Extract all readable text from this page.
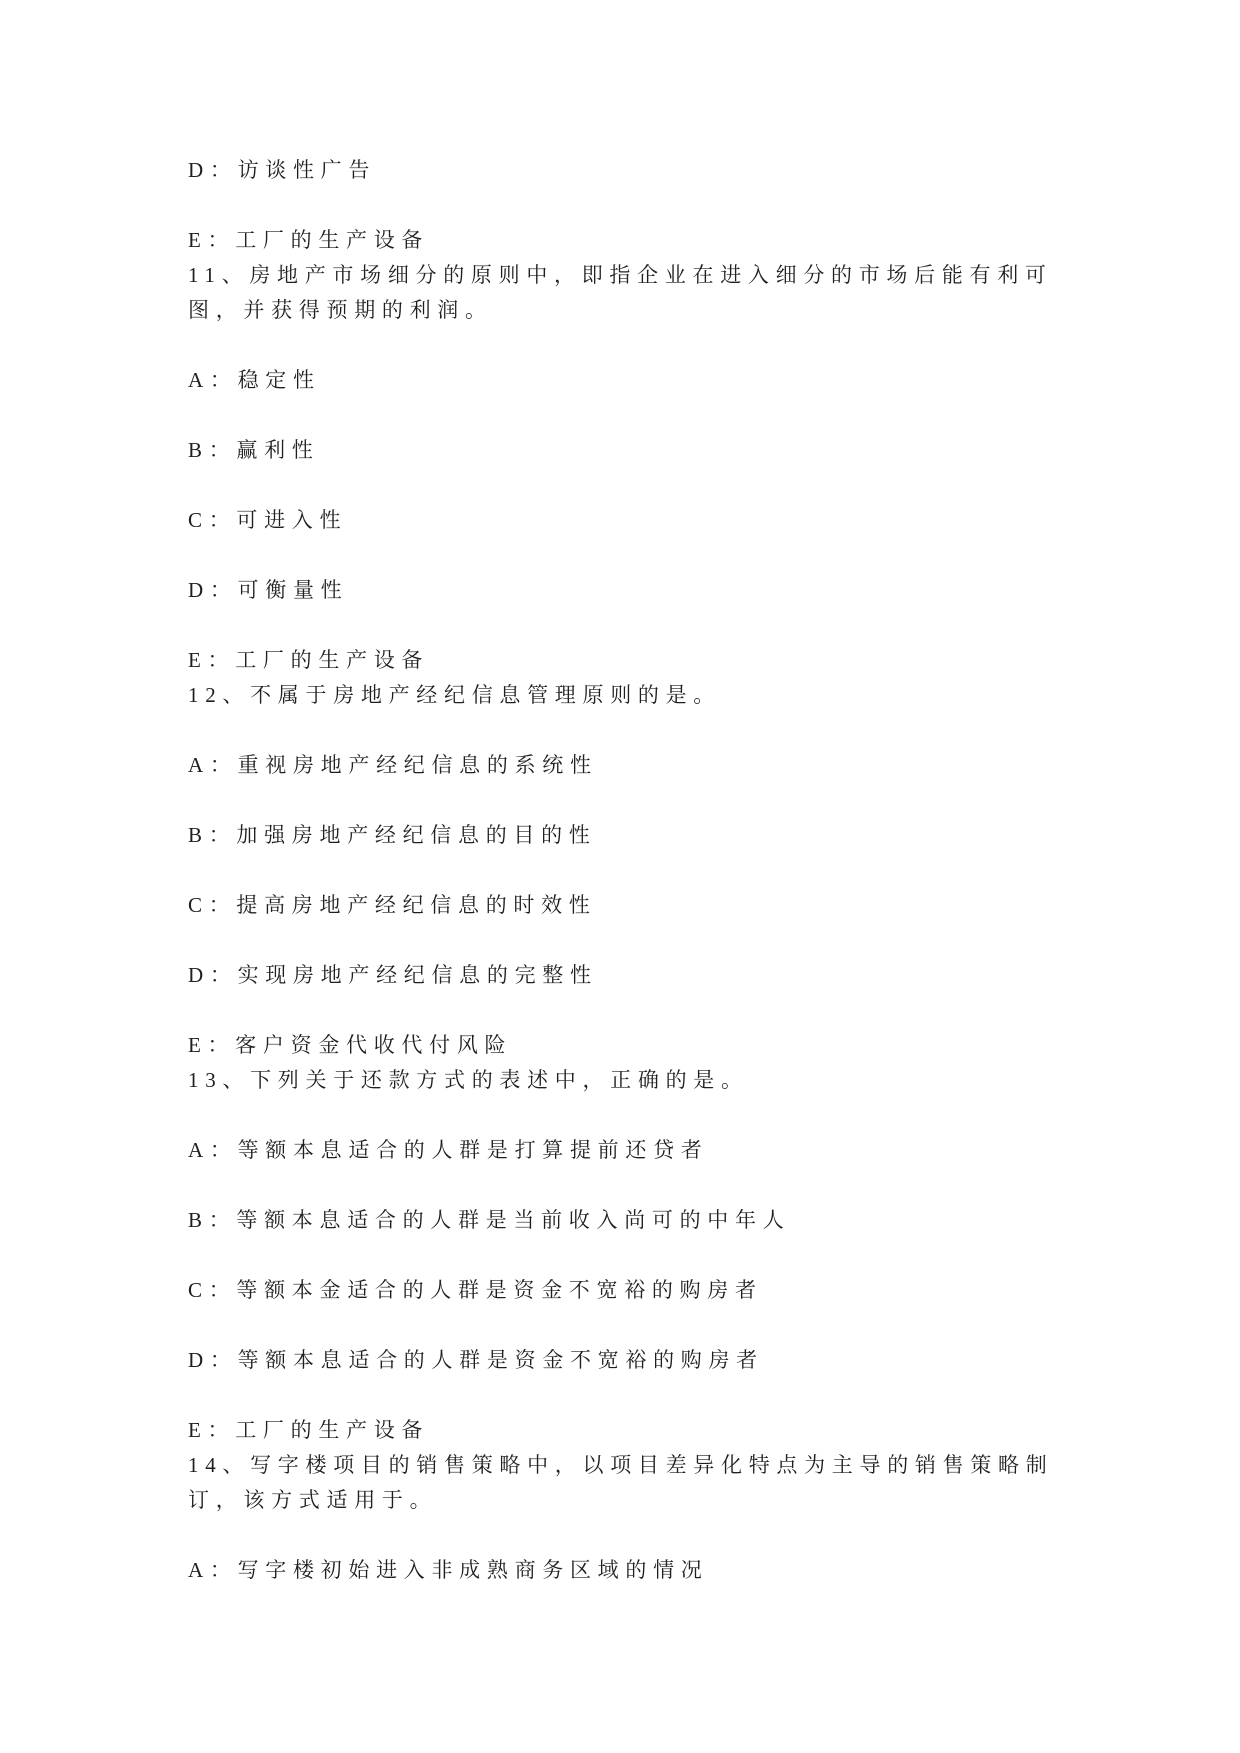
D：访谈性广告
E：工厂的生产设备
11、房地产市场细分的原则中，即指企业在进入细分的市场后能有利可
图，并获得预期的利润。
A：稳定性
B：赢利性
C：可进入性
D：可衡量性
E：工厂的生产设备
12、不属于房地产经纪信息管理原则的是。
A：重视房地产经纪信息的系统性
B：加强房地产经纪信息的目的性
C：提高房地产经纪信息的时效性
D：实现房地产经纪信息的完整性
E：客户资金代收代付风险
13、下列关于还款方式的表述中，正确的是。
A：等额本息适合的人群是打算提前还贷者
B：等额本息适合的人群是当前收入尚可的中年人
C：等额本金适合的人群是资金不宽裕的购房者
D：等额本息适合的人群是资金不宽裕的购房者
E：工厂的生产设备
14、写字楼项目的销售策略中，以项目差异化特点为主导的销售策略制
订，该方式适用于。
A：写字楼初始进入非成熟商务区域的情况
